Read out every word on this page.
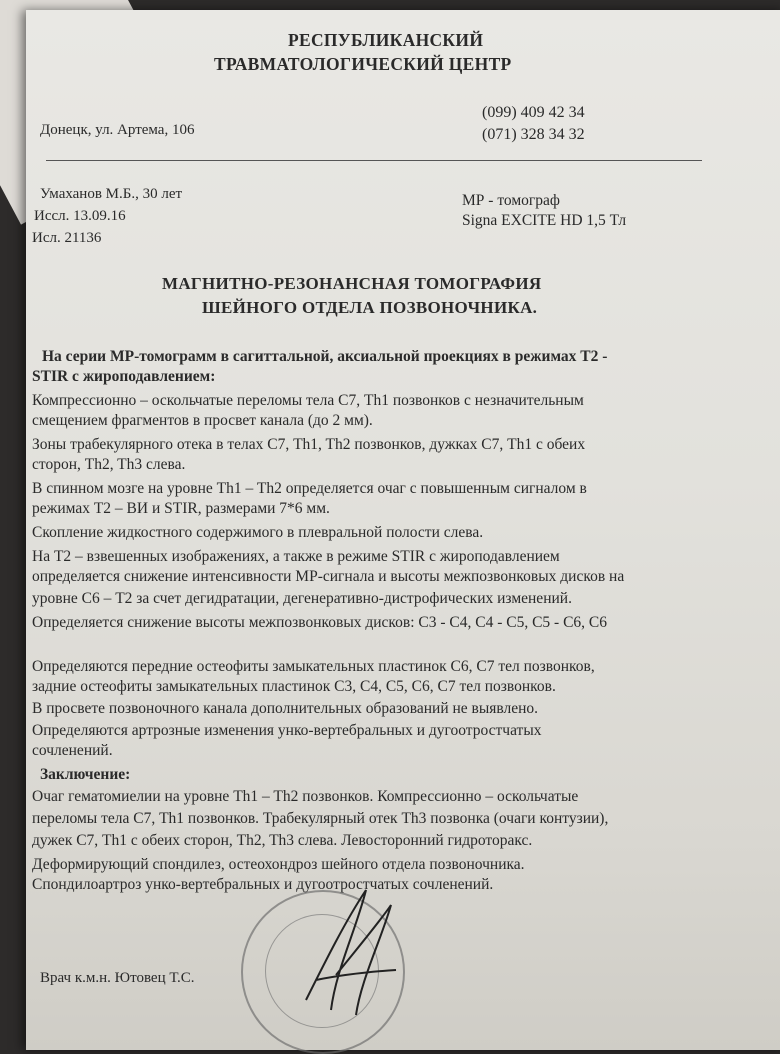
РЕСПУБЛИКАНСКИЙ
ТРАВМАТОЛОГИЧЕСКИЙ ЦЕНТР
Донецк, ул. Артема, 106
(099) 409 42 34
(071) 328 34 32
Умаханов М.Б., 30 лет
Иссл. 13.09.16
Исл. 21136
МР - томограф
Signa EXCITE HD 1,5 Тл
МАГНИТНО-РЕЗОНАНСНАЯ ТОМОГРАФИЯ
ШЕЙНОГО ОТДЕЛА ПОЗВОНОЧНИКА.
На серии МР-томограмм в сагиттальной, аксиальной проекциях в режимах Т2 -
STIR с жироподавлением:
Компрессионно – оскольчатые переломы тела С7, Th1 позвонков с незначительным
смещением фрагментов в просвет канала (до 2 мм).
Зоны трабекулярного отека в телах С7, Th1, Th2 позвонков, дужках С7, Th1 с обеих
сторон, Th2, Th3 слева.
В спинном мозге на уровне Th1 – Th2 определяется очаг с повышенным сигналом в
режимах Т2 – ВИ и STIR, размерами 7*6 мм.
Скопление жидкостного содержимого в плевральной полости слева.
На Т2 – взвешенных изображениях, а также в режиме STIR с жироподавлением
определяется снижение интенсивности МР-сигнала и высоты межпозвонковых дисков на
уровне С6 – Т2 за счет дегидратации, дегенеративно-дистрофических изменений.
Определяется снижение высоты межпозвонковых дисков: С3 - С4, С4 - С5, С5 - С6, С6
Определяются передние остеофиты замыкательных пластинок С6, С7 тел позвонков,
задние остеофиты замыкательных пластинок С3, С4, С5, С6, С7 тел позвонков.
В просвете позвоночного канала дополнительных образований не выявлено.
Определяются артрозные изменения унко-вертебральных и дугоотростчатых
сочленений.
Заключение:
Очаг гематомиелии на уровне Th1 – Th2 позвонков. Компрессионно – оскольчатые
переломы тела С7, Th1 позвонков. Трабекулярный отек Th3 позвонка (очаги контузии),
дужек С7, Th1 с обеих сторон, Th2, Th3 слева. Левосторонний гидроторакс.
Деформирующий спондилез, остеохондроз шейного отдела позвоночника.
Спондилоартроз унко-вертебральных и дугоотростчатых сочленений.
Врач к.м.н. Ютовец Т.С.
